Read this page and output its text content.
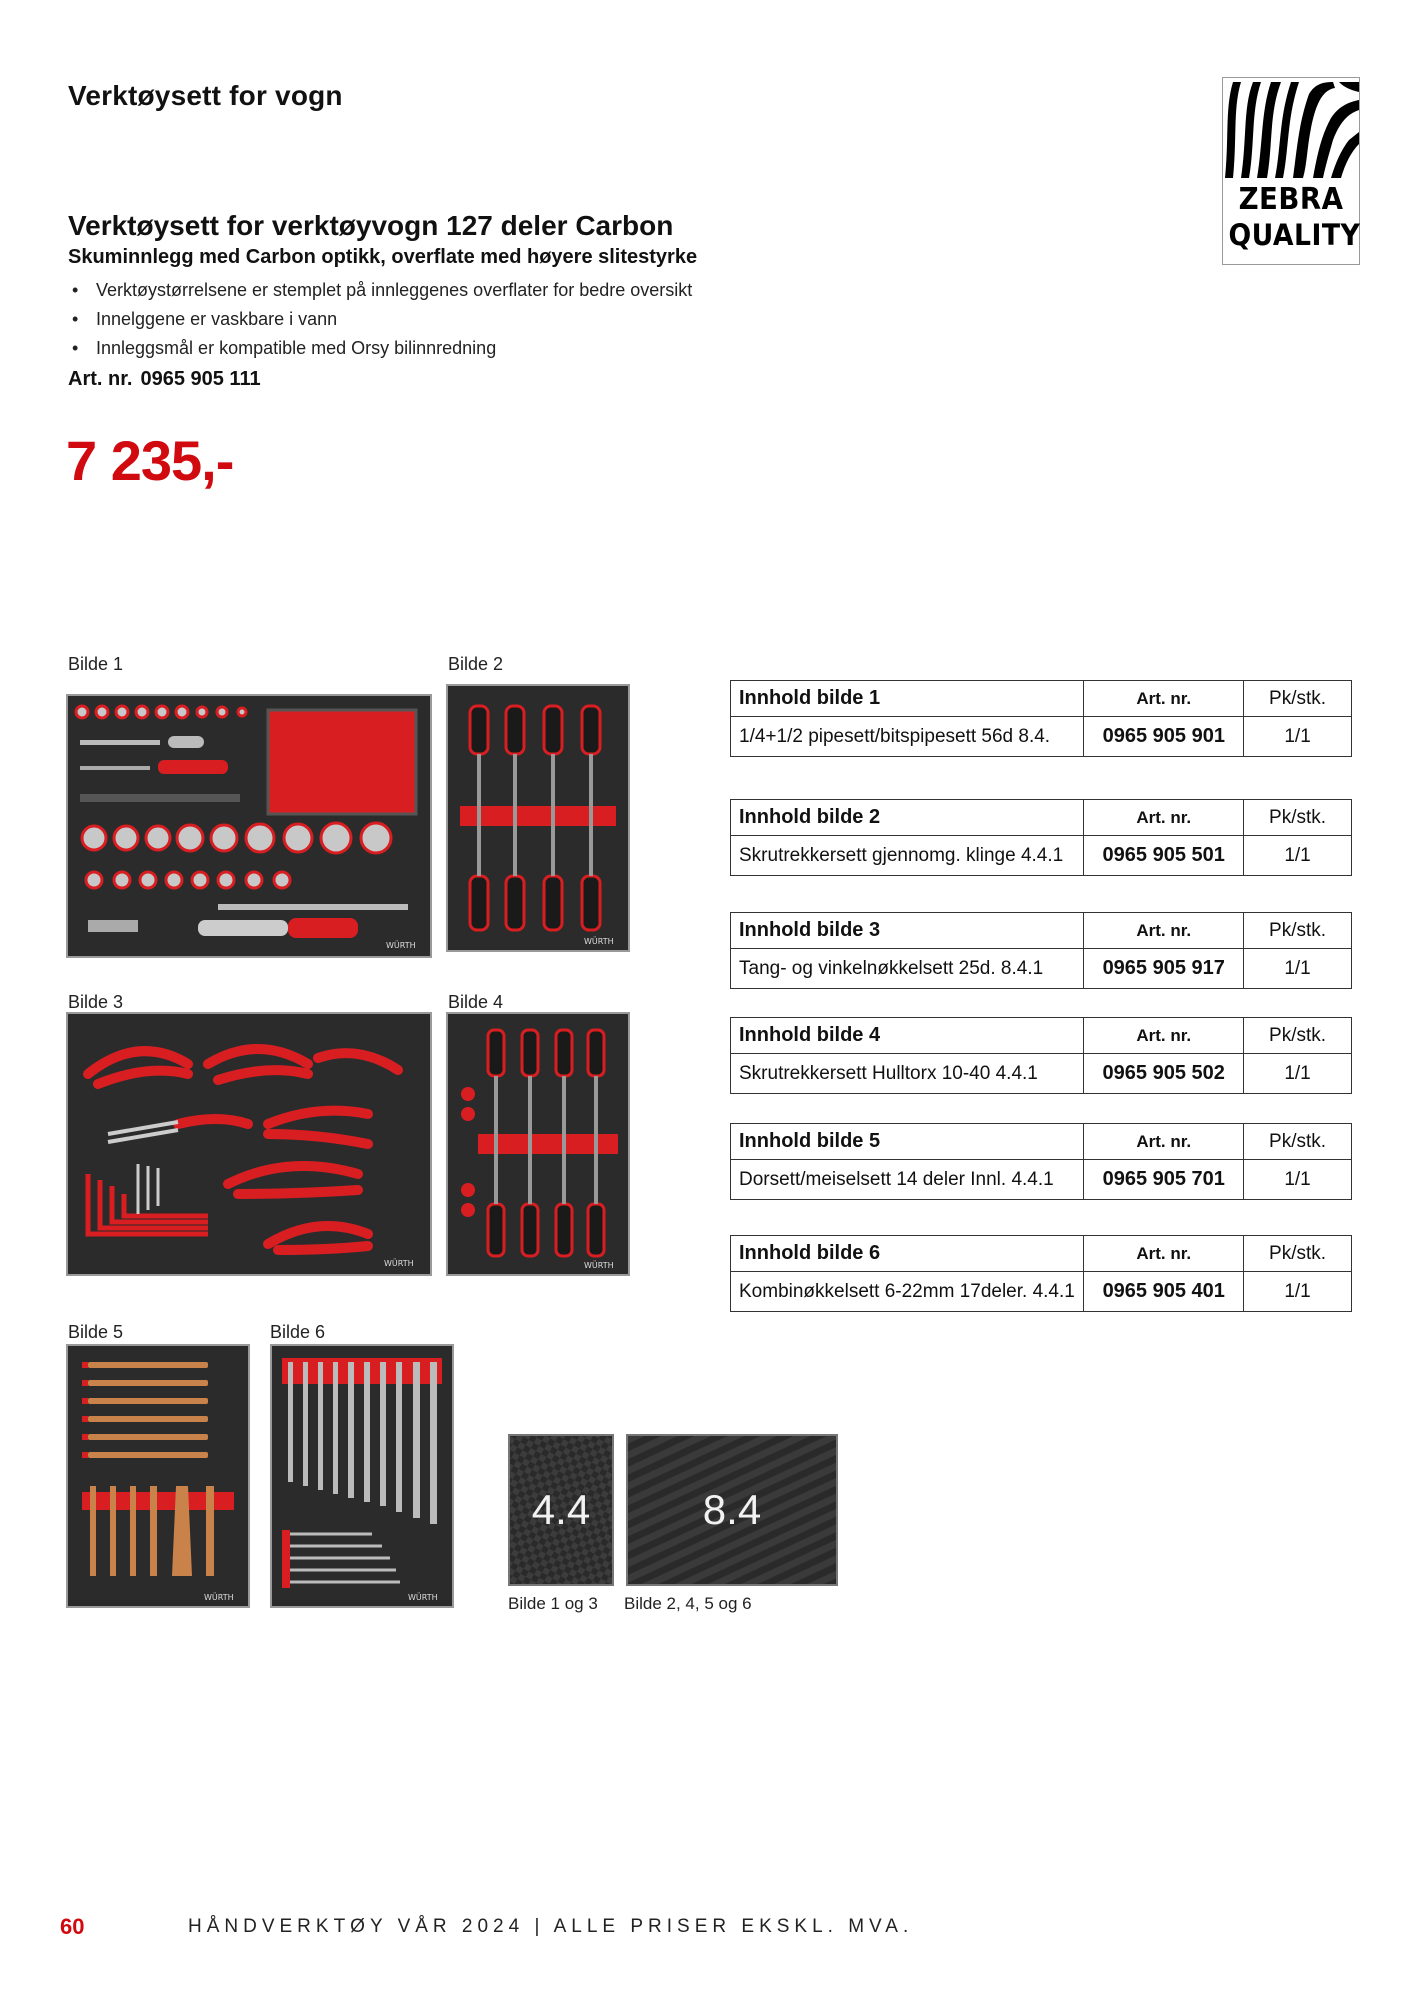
Verktøysett for vogn
ZEBRA
QUALITY
Verktøysett for verktøyvogn 127 deler Carbon
Skuminnlegg med Carbon optikk, overflate med høyere slitestyrke
• Verktøystørrelsene er stemplet på innleggenes overflater for bedre oversikt
• Innelggene er vaskbare i vann
• Innleggsmål er kompatible med Orsy bilinnredning
Art. nr. 0965 905 111
7 235,-
Bilde 1	Bilde 2
Bilde 3	Bilde 4
Bilde 5	Bilde 6
WÜRTH	WÜRTH
WÜRTH	WÜRTH
WÜRTH	WÜRTH
Innhold bilde 1	Art. nr.	Pk/stk.
1/4+1/2 pipesett/bitspipesett 56d 8.4.	0965 905 901	1/1
Innhold bilde 2	Art. nr.	Pk/stk.
Skrutrekkersett gjennomg. klinge 4.4.1	0965 905 501	1/1
Innhold bilde 3	Art. nr.	Pk/stk.
Tang- og vinkelnøkkelsett 25d. 8.4.1	0965 905 917	1/1
Innhold bilde 4	Art. nr.	Pk/stk.
Skrutrekkersett Hulltorx 10-40 4.4.1	0965 905 502	1/1
Innhold bilde 5	Art. nr.	Pk/stk.
Dorsett/meiselsett 14 deler Innl. 4.4.1	0965 905 701	1/1
Innhold bilde 6	Art. nr.	Pk/stk.
Kombinøkkelsett 6-22mm 17deler. 4.4.1	0965 905 401	1/1
4.4
Bilde 1 og 3
8.4
Bilde 2, 4, 5 og 6
60	HÅNDVERKTØY VÅR 2024 | ALLE PRISER EKSKL. MVA.
